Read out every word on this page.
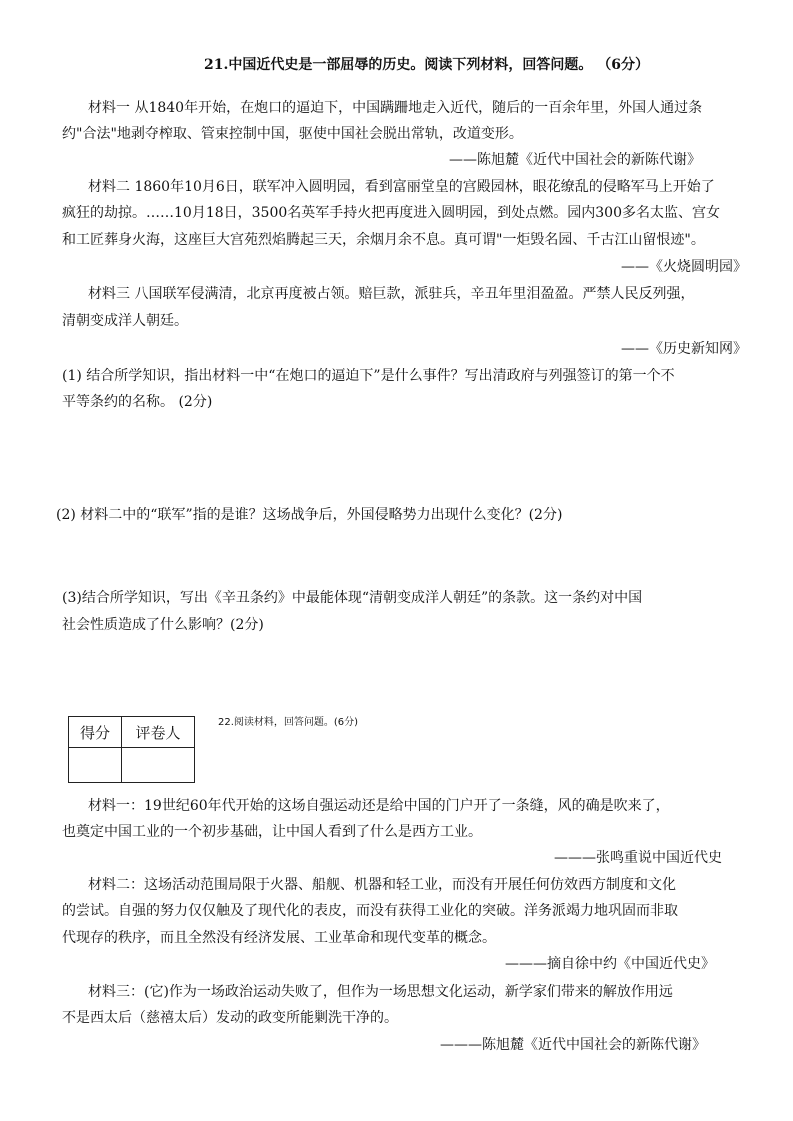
21.中国近代史是一部屈辱的历史。阅读下列材料，回答问题。 （6分）
材料一 从1840年开始，在炮口的逼迫下，中国蹒跚地走入近代，随后的一百余年里，外国人通过条
约"合法"地剥夺榨取、管束控制中国，驱使中国社会脱出常轨，改道变形。
——陈旭麓《近代中国社会的新陈代谢》
材料二 1860年10月6日，联军冲入圆明园，看到富丽堂皇的宫殿园林，眼花缭乱的侵略军马上开始了
疯狂的劫掠。……10月18日，3500名英军手持火把再度进入圆明园，到处点燃。园内300多名太监、宫女
和工匠葬身火海，这座巨大宫苑烈焰腾起三天，余烟月余不息。真可谓"一炬毁名园、千古江山留恨迹"。
——《火烧圆明园》
材料三 八国联军侵满清，北京再度被占领。赔巨款，派驻兵，辛丑年里泪盈盈。严禁人民反列强，
清朝变成洋人朝廷。
——《历史新知网》
(1) 结合所学知识，指出材料一中“在炮口的逼迫下”是什么事件？写出清政府与列强签订的第一个不
平等条约的名称。 (2分)
(2) 材料二中的“联军”指的是谁？这场战争后，外国侵略势力出现什么变化？(2分)
(3)结合所学知识，写出《辛丑条约》中最能体现“清朝变成洋人朝廷”的条款。这一条约对中国
社会性质造成了什么影响？(2分)
得分	评卷人

22.阅读材料，回答问题。(6分)
材料一：19世纪60年代开始的这场自强运动还是给中国的门户开了一条缝，风的确是吹来了，
也奠定中国工业的一个初步基础，让中国人看到了什么是西方工业。
———张鸣重说中国近代史
材料二：这场活动范围局限于火器、船舰、机器和轻工业，而没有开展任何仿效西方制度和文化
的尝试。自强的努力仅仅触及了现代化的表皮，而没有获得工业化的突破。洋务派竭力地巩固而非取
代现存的秩序，而且全然没有经济发展、工业革命和现代变革的概念。
———摘自徐中约《中国近代史》
材料三：(它)作为一场政治运动失败了，但作为一场思想文化运动，新学家们带来的解放作用远
不是西太后（慈禧太后）发动的政变所能剿洗干净的。
———陈旭麓《近代中国社会的新陈代谢》
